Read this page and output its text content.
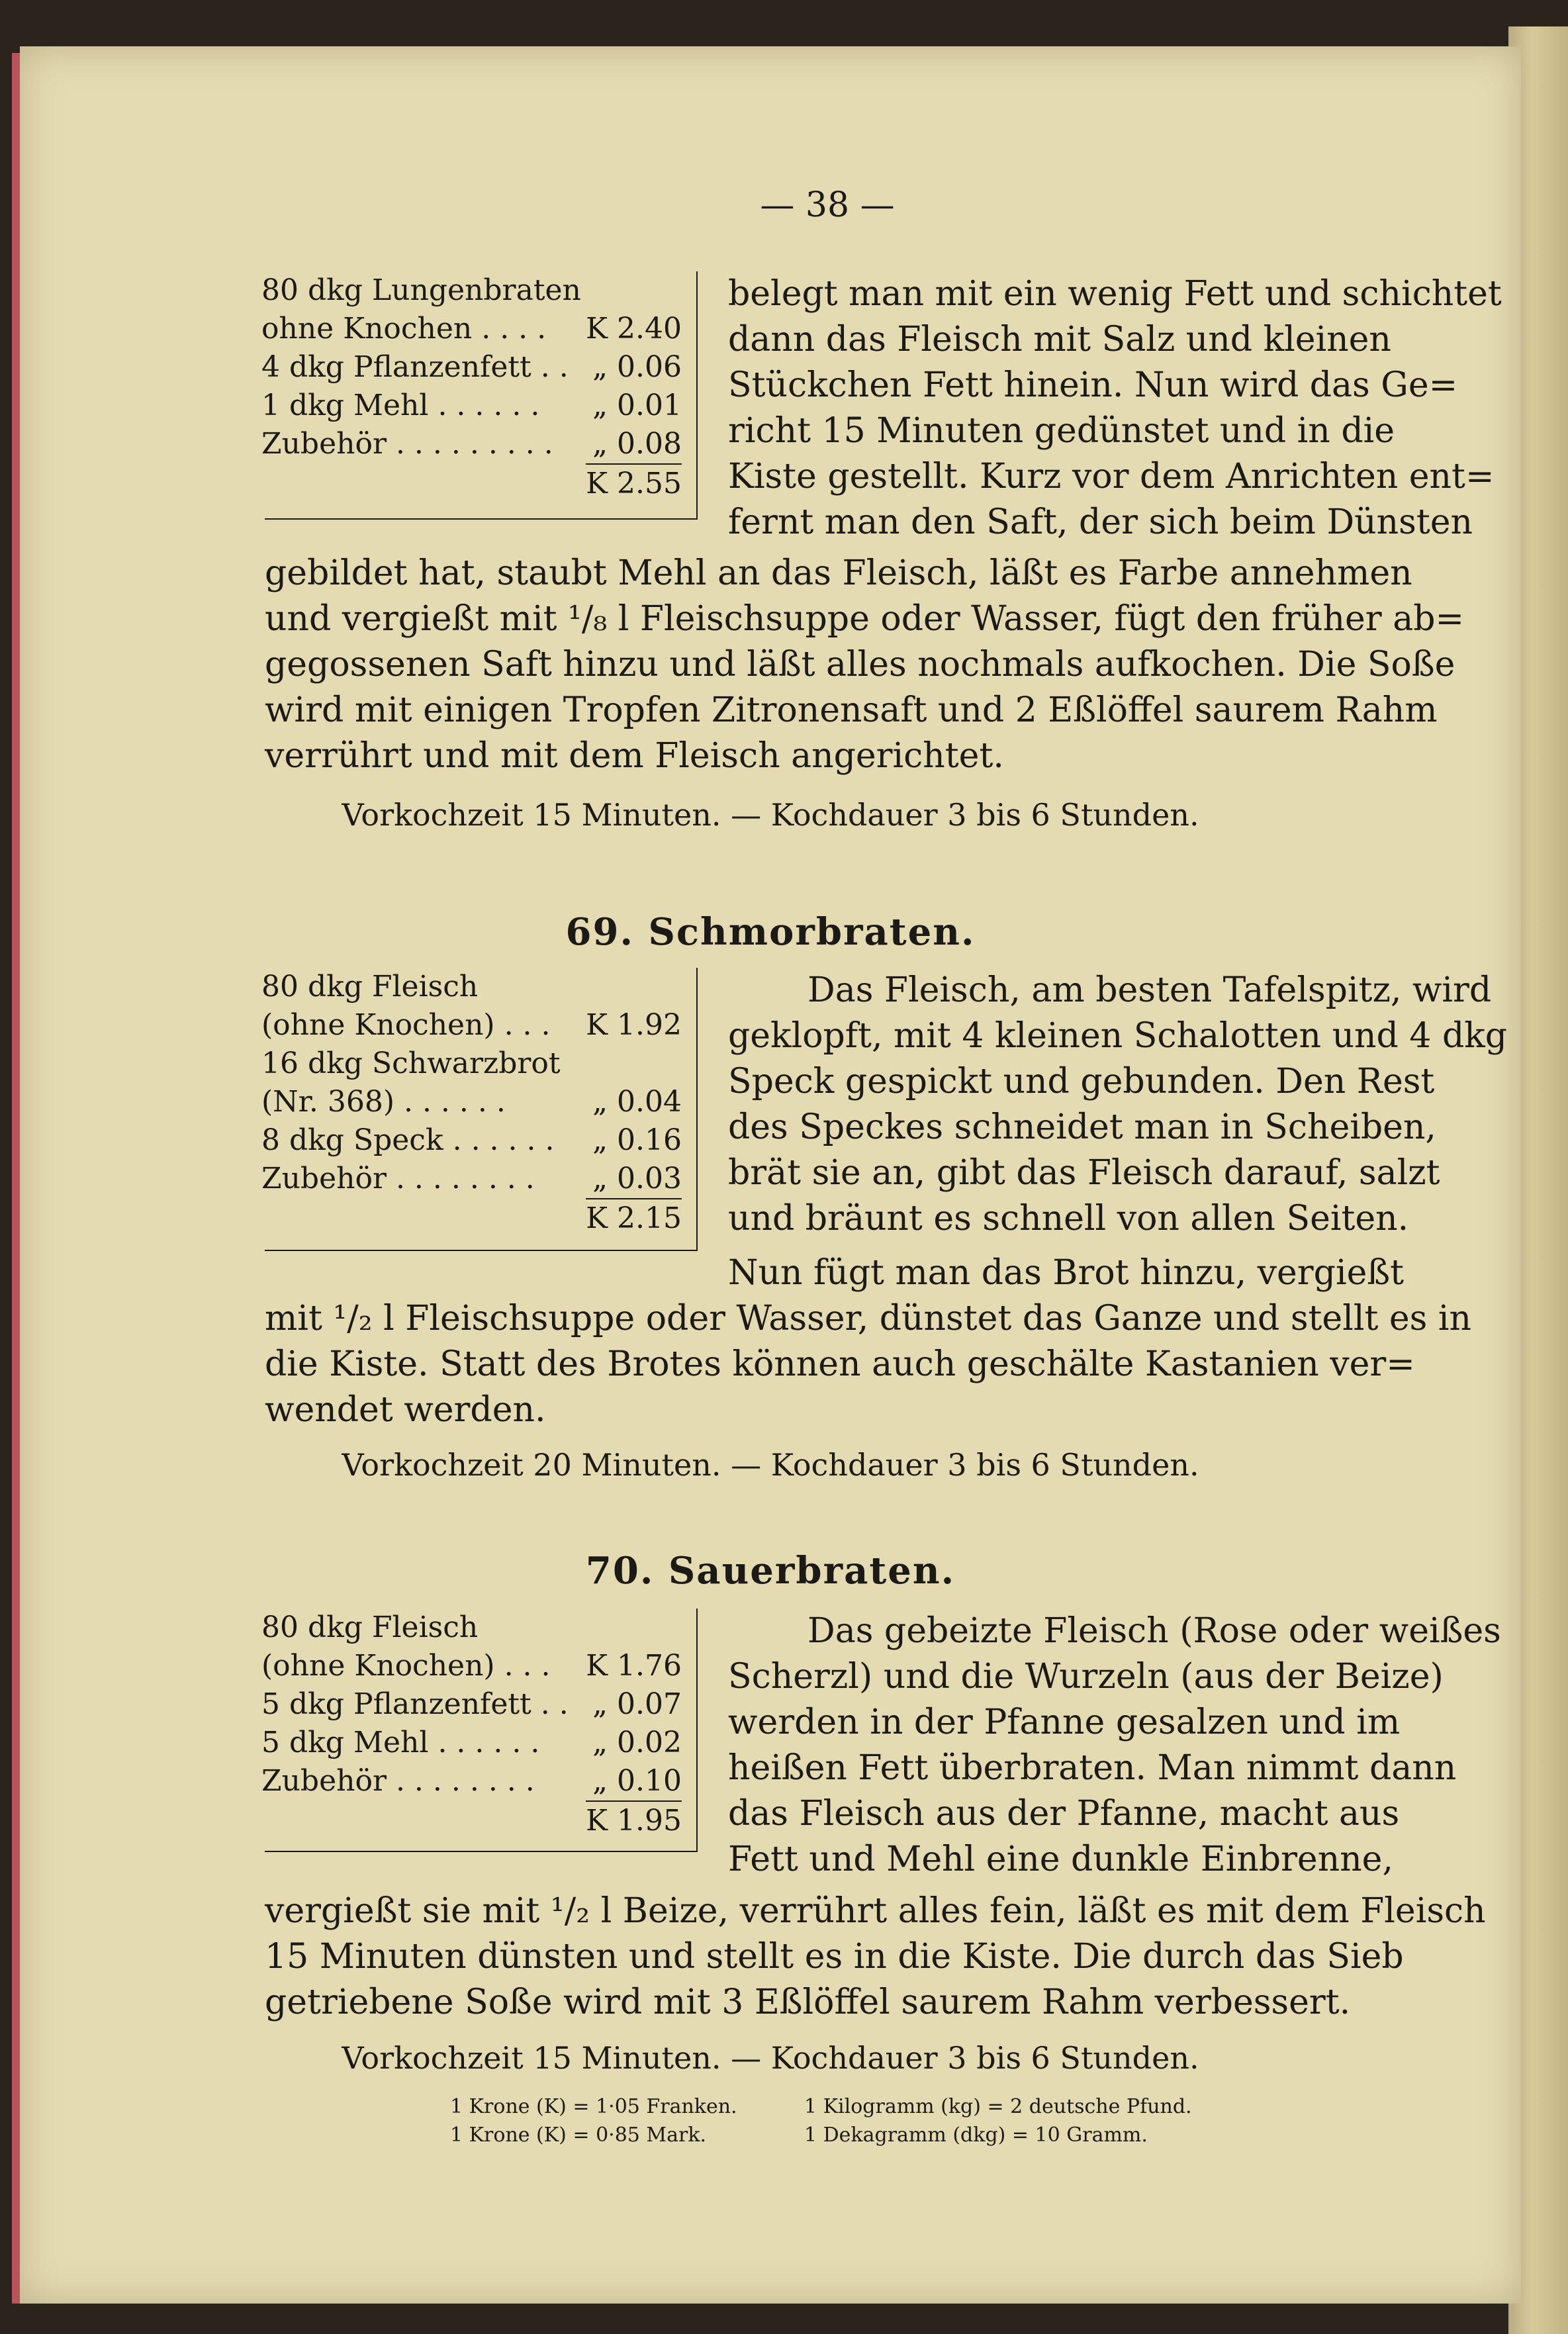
— 38 —
80 dkg Lungenbraten
ohne Knochen . . . . K 2.40
4 dkg Pflanzenfett . . „ 0.06
1 dkg Mehl . . . . . . „ 0.01
Zubehör . . . . . . . . . „ 0.08
K 2.55
belegt man mit ein wenig Fett und schichtet
dann das Fleisch mit Salz und kleinen
Stückchen Fett hinein. Nun wird das Ge=
richt 15 Minuten gedünstet und in die
Kiste gestellt. Kurz vor dem Anrichten ent=
fernt man den Saft, der sich beim Dünsten
gebildet hat, staubt Mehl an das Fleisch, läßt es Farbe annehmen
und vergießt mit ¹/₈ l Fleischsuppe oder Wasser, fügt den früher ab=
gegossenen Saft hinzu und läßt alles nochmals aufkochen. Die Soße
wird mit einigen Tropfen Zitronensaft und 2 Eßlöffel saurem Rahm
verrührt und mit dem Fleisch angerichtet.
Vorkochzeit 15 Minuten. — Kochdauer 3 bis 6 Stunden.
69. Schmorbraten.
80 dkg Fleisch
(ohne Knochen) . . . K 1.92
16 dkg Schwarzbrot
(Nr. 368) . . . . . .	„ 0.04
8 dkg Speck . . . . . . „ 0.16
Zubehör . . . . . . . . „ 0.03
K 2.15
Das Fleisch, am besten Tafelspitz, wird
geklopft, mit 4 kleinen Schalotten und 4 dkg
Speck gespickt und gebunden. Den Rest
des Speckes schneidet man in Scheiben,
brät sie an, gibt das Fleisch darauf, salzt
und bräunt es schnell von allen Seiten.
Nun fügt man das Brot hinzu, vergießt
mit ¹/₂ l Fleischsuppe oder Wasser, dünstet das Ganze und stellt es in
die Kiste. Statt des Brotes können auch geschälte Kastanien ver=
wendet werden.
Vorkochzeit 20 Minuten. — Kochdauer 3 bis 6 Stunden.
70. Sauerbraten.
80 dkg Fleisch
(ohne Knochen) . . . K 1.76
5 dkg Pflanzenfett . . „ 0.07
5 dkg Mehl . . . . . . „ 0.02
Zubehör . . . . . . . . „ 0.10
K 1.95
Das gebeizte Fleisch (Rose oder weißes
Scherzl) und die Wurzeln (aus der Beize)
werden in der Pfanne gesalzen und im
heißen Fett überbraten. Man nimmt dann
das Fleisch aus der Pfanne, macht aus
Fett und Mehl eine dunkle Einbrenne,
vergießt sie mit ¹/₂ l Beize, verrührt alles fein, läßt es mit dem Fleisch
15 Minuten dünsten und stellt es in die Kiste. Die durch das Sieb
getriebene Soße wird mit 3 Eßlöffel saurem Rahm verbessert.
Vorkochzeit 15 Minuten. — Kochdauer 3 bis 6 Stunden.
1 Krone (K) = 1·05 Franken.
1 Krone (K) = 0·85 Mark.
1 Kilogramm (kg) = 2 deutsche Pfund.
1 Dekagramm (dkg) = 10 Gramm.
